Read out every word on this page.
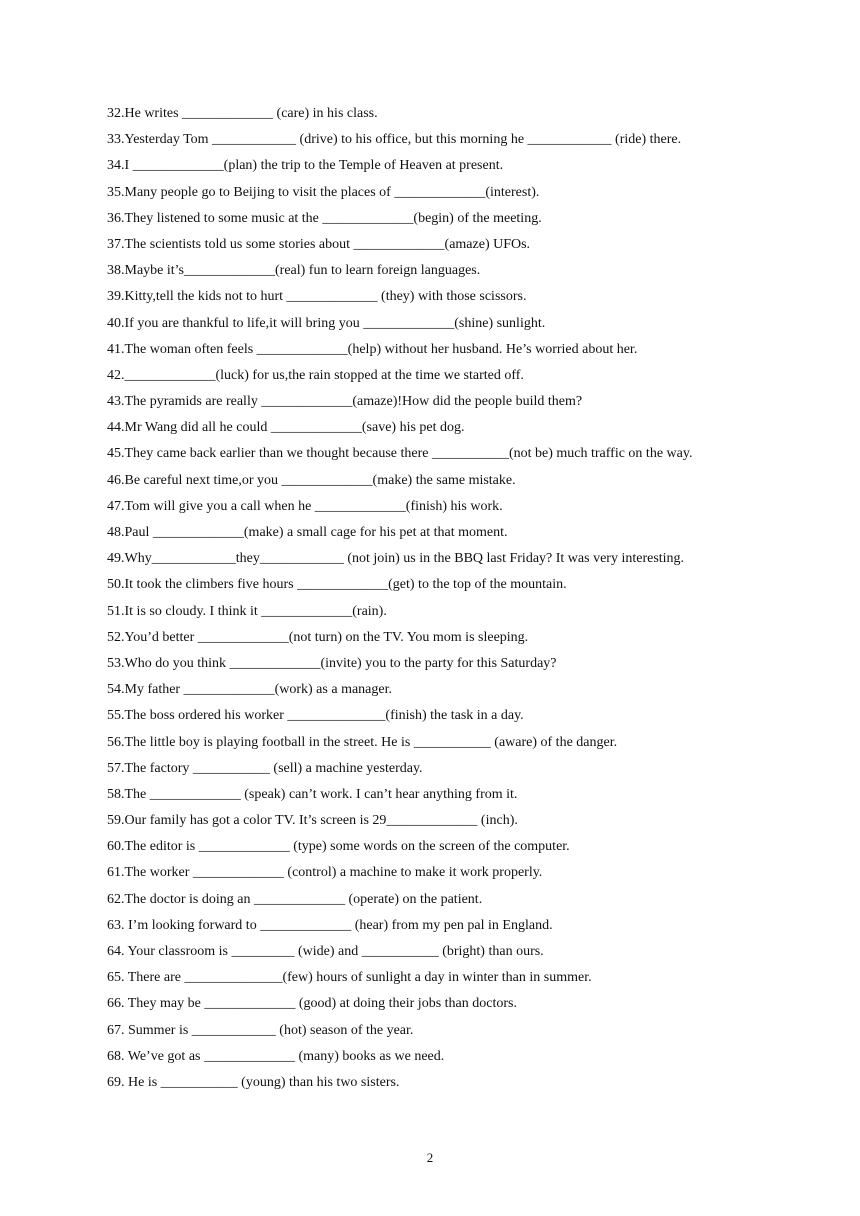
32.He writes _____________ (care) in his class.
33.Yesterday Tom ____________ (drive) to his office, but this morning he ____________ (ride) there.
34.I _____________(plan) the trip to the Temple of Heaven at present.
35.Many people go to Beijing to visit the places of _____________(interest).
36.They listened to some music at the _____________(begin) of the meeting.
37.The scientists told us some stories about _____________(amaze) UFOs.
38.Maybe it’s_____________(real) fun to learn foreign languages.
39.Kitty,tell the kids not to hurt _____________ (they) with those scissors.
40.If you are thankful to life,it will bring you _____________(shine) sunlight.
41.The woman often feels _____________(help) without her husband. He’s worried about her.
42._____________(luck) for us,the rain stopped at the time we started off.
43.The pyramids are really _____________(amaze)!How did the people build them?
44.Mr Wang did all he could _____________(save) his pet dog.
45.They came back earlier than we thought because there ___________(not be) much traffic on the way.
46.Be careful next time,or you _____________(make) the same mistake.
47.Tom will give you a call when he _____________(finish) his work.
48.Paul _____________(make) a small cage for his pet at that moment.
49.Why____________they____________ (not join) us in the BBQ last Friday? It was very interesting.
50.It took the climbers five hours _____________(get) to the top of the mountain.
51.It is so cloudy. I think it _____________(rain).
52.You’d better _____________(not turn) on the TV. You mom is sleeping.
53.Who do you think _____________(invite) you to the party for this Saturday?
54.My father _____________(work) as a manager.
55.The boss ordered his worker ______________(finish) the task in a day.
56.The little boy is playing football in the street. He is ___________ (aware) of the danger.
57.The factory ___________ (sell) a machine yesterday.
58.The _____________ (speak) can’t work. I can’t hear anything from it.
59.Our family has got a color TV. It’s screen is 29_____________ (inch).
60.The editor is _____________ (type) some words on the screen of the computer.
61.The worker _____________ (control) a machine to make it work properly.
62.The doctor is doing an _____________ (operate) on the patient.
63. I’m looking forward to _____________ (hear) from my pen pal in England.
64. Your classroom is _________ (wide) and ___________ (bright) than ours.
65. There are ______________(few) hours of sunlight a day in winter than in summer.
66. They may be _____________ (good) at doing their jobs than doctors.
67. Summer is ____________ (hot) season of the year.
68. We’ve got as _____________ (many) books as we need.
69. He is ___________ (young) than his two sisters.
2
